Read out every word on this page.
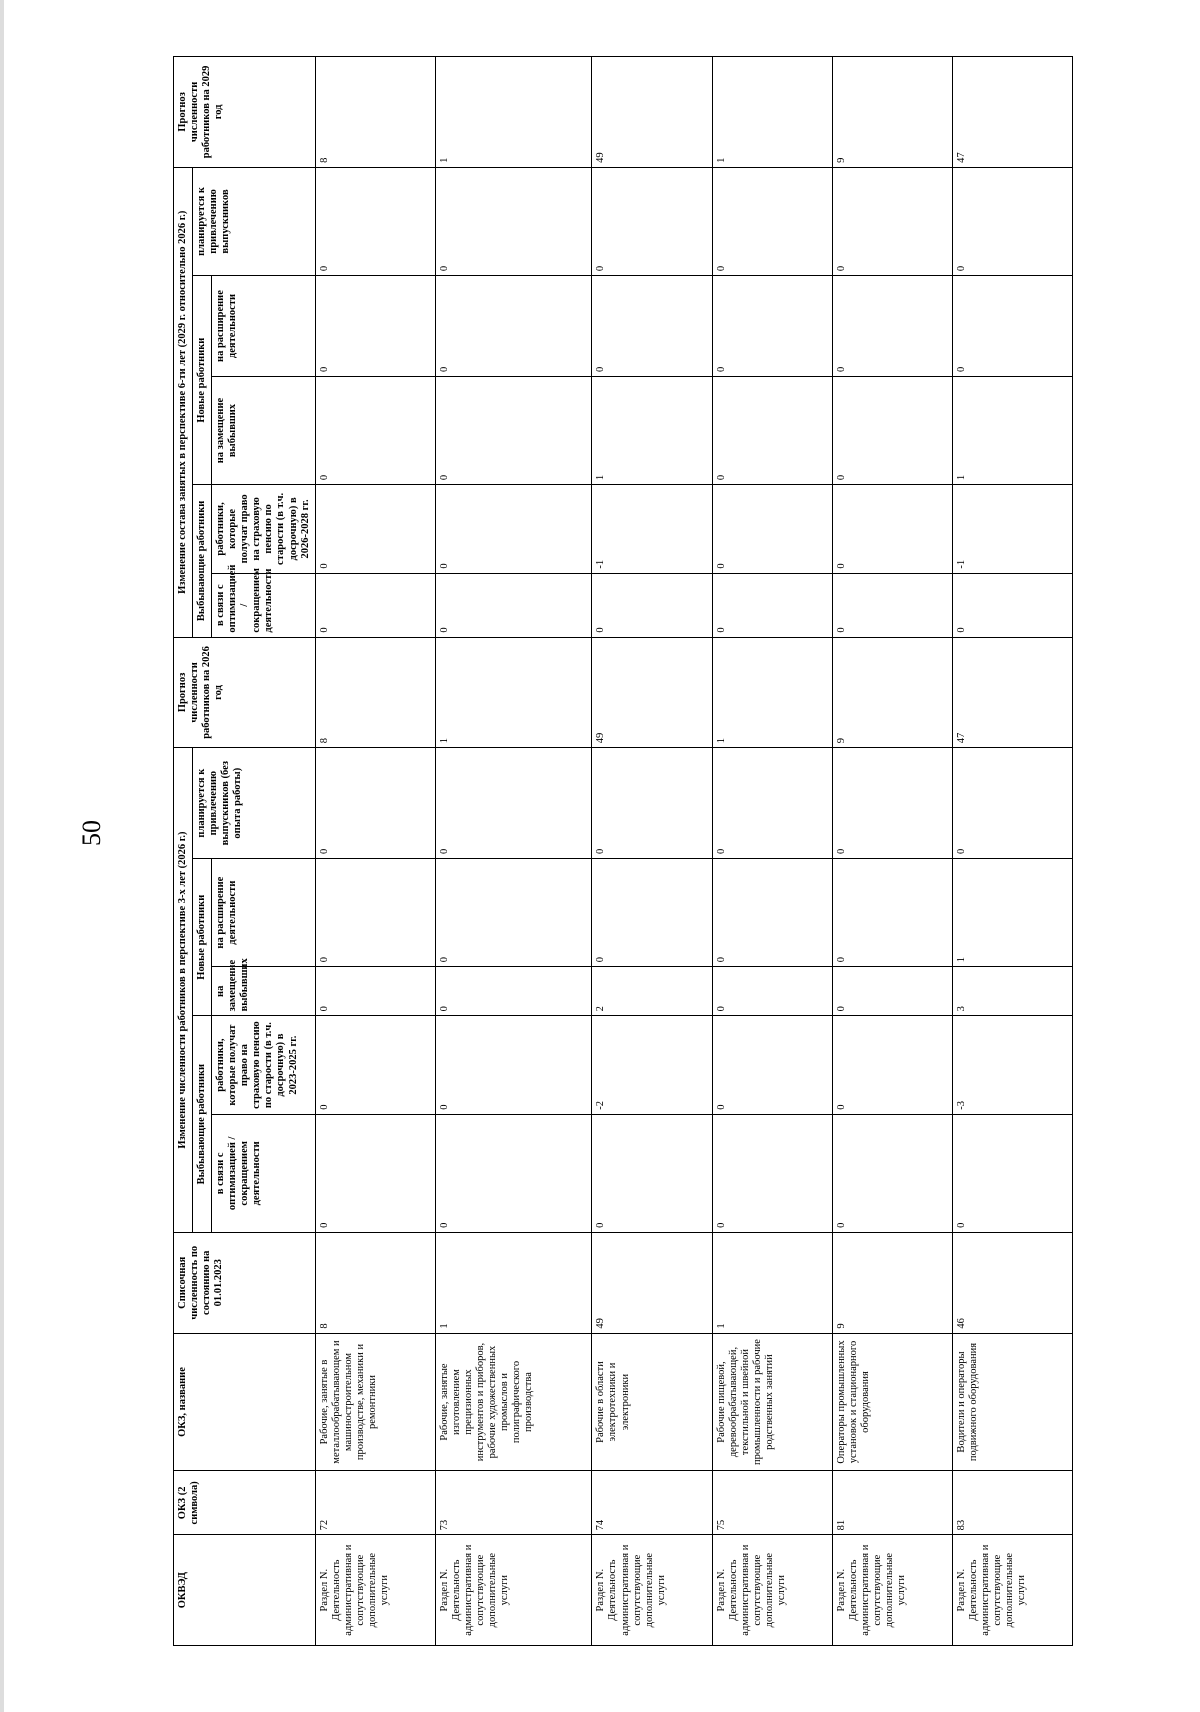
50
ОКВЭД	ОКЗ (2 символа)	ОКЗ, название	Списочная численность по состоянию на 01.01.2023	Изменение численности работников в перспективе 3-х лет (2026 г.)					Прогноз численности работников на 2026 год	Изменение состава занятых в перспективе 6-ти лет (2029 г. относительно 2026 г.)					Прогноз численности работников на 2029 год
				Выбывающие работники		Новые работники		планируется к привлечению выпускников (без опыта работы)		Выбывающие работники		Новые работники		планируется к привлечению выпускников	
				в связи с оптимизацией / сокращением деятельности	работники, которые получат право на страховую пенсию по старости (в т.ч. досрочную) в 2023-2025 гг.	на замещение выбывших	на расширение деятельности			в связи с оптимизацией / сокращением деятельности	работники, которые получат право на страховую пенсию по старости (в т.ч. досрочную) в 2026-2028 гг.	на замещение выбывших	на расширение деятельности		
Раздел N. Деятельность административная и сопутствующие дополнительные услуги	72	Рабочие, занятые в металлообрабатывающем и машиностроительном производстве, механики и ремонтники	8	0	0	0	0	0	8	0	0	0	0	0	8
Раздел N. Деятельность административная и сопутствующие дополнительные услуги	73	Рабочие, занятые изготовлением прецизионных инструментов и приборов, рабочие художественных промыслов и полиграфического производства	1	0	0	0	0	0	1	0	0	0	0	0	1
Раздел N. Деятельность административная и сопутствующие дополнительные услуги	74	Рабочие в области электротехники и электроники	49	0	-2	2	0	0	49	0	-1	1	0	0	49
Раздел N. Деятельность административная и сопутствующие дополнительные услуги	75	Рабочие пищевой, деревообрабатывающей, текстильной и швейной промышленности и рабочие родственных занятий	1	0	0	0	0	0	1	0	0	0	0	0	1
Раздел N. Деятельность административная и сопутствующие дополнительные услуги	81	Операторы промышленных установок и стационарного оборудования	9	0	0	0	0	0	9	0	0	0	0	0	9
Раздел N. Деятельность административная и сопутствующие дополнительные услуги	83	Водители и операторы подвижного оборудования	46	0	-3	3	1	0	47	0	-1	1	0	0	47
